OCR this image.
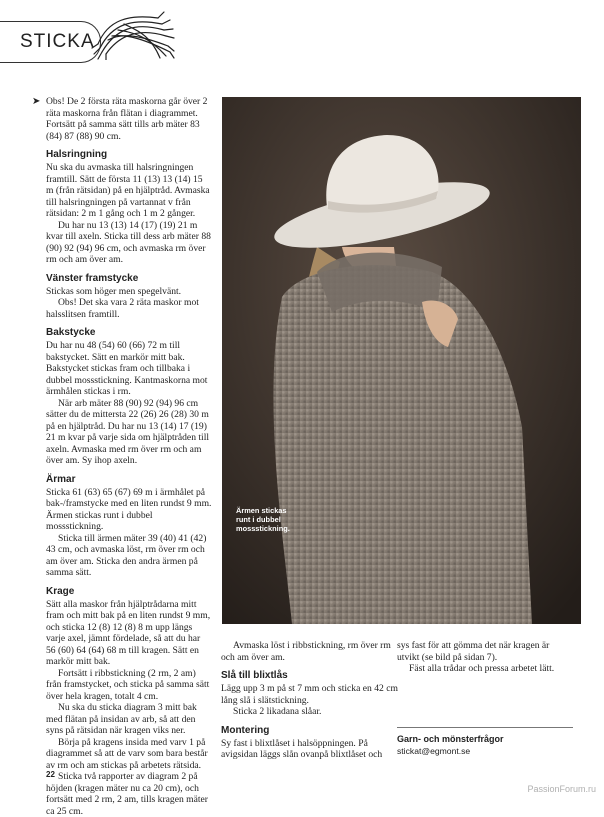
STICKA
➤ Obs! De 2 första räta maskorna går över 2 räta maskorna från flätan i diagrammet. Fortsätt på samma sätt tills arb mäter 83 (84) 87 (88) 90 cm.

Halsringning

Nu ska du avmaska till halsringningen framtill. Sätt de första 11 (13) 13 (14) 15 m (från rätsidan) på en hjälptråd. Avmaska till halsringningen på vartannat v från rätsidan: 2 m 1 gång och 1 m 2 gånger.

Du har nu 13 (13) 14 (17) (19) 21 m kvar till axeln. Sticka till dess arb mäter 88 (90) 92 (94) 96 cm, och avmaska rm över rm och am över am.

Vänster framstycke

Stickas som höger men spegelvänt.

Obs! Det ska vara 2 räta maskor mot halsslitsen framtill.

Bakstycke

Du har nu 48 (54) 60 (66) 72 m till bakstycket. Sätt en markör mitt bak. Bakstycket stickas fram och tillbaka i dubbel mossstickning. Kantmaskorna mot ärmhålen stickas i rm.

När arb mäter 88 (90) 92 (94) 96 cm sätter du de mittersta 22 (26) 26 (28) 30 m på en hjälptråd. Du har nu 13 (14) 17 (19) 21 m kvar på varje sida om hjälptråden till axeln. Avmaska med rm över rm och am över am. Sy ihop axeln.

Ärmar

Sticka 61 (63) 65 (67) 69 m i ärmhålet på bak-/framstycke med en liten rundst 9 mm. Ärmen stickas runt i dubbel mossstickning.

Sticka till ärmen mäter 39 (40) 41 (42) 43 cm, och avmaska löst, rm över rm och am över am. Sticka den andra ärmen på samma sätt.

Krage

Sätt alla maskor från hjälptrådarna mitt fram och mitt bak på en liten rundst 9 mm, och sticka 12 (8) 12 (8) 8 m upp längs varje axel, jämnt fördelade, så att du har 56 (60) 64 (64) 68 m till kragen. Sätt en markör mitt bak.

Fortsätt i ribbstickning (2 rm, 2 am) från framstycket, och sticka på samma sätt över hela kragen, totalt 4 cm.

Nu ska du sticka diagram 3 mitt bak med flätan på insidan av arb, så att den syns på rätsidan när kragen viks ner.

Börja på kragens insida med varv 1 på diagrammet så att de varv som bara består av rm och am stickas på arbetets rätsida.

Sticka två rapporter av diagram 2 på höjden (kragen mäter nu ca 20 cm), och fortsätt med 2 rm, 2 am, tills kragen mäter ca 25 cm.

Ärmen stickas runt i dubbel mossstickning.

Avmaska löst i ribbstickning, rm över rm och am över am.

Slå till blixtlås

Lägg upp 3 m på st 7 mm och sticka en 42 cm lång slå i slätstickning.

Sticka 2 likadana slåar.

Montering

Sy fast i blixtlåset i halsöppningen. På avigsidan läggs slån ovanpå blixtlåset och

sys fast för att gömma det när kragen är utvikt (se bild på sidan 7).

Fäst alla trådar och pressa arbetet lätt.

Garn- och mönsterfrågor
stickat@egmont.se
22
PassionForum.ru
